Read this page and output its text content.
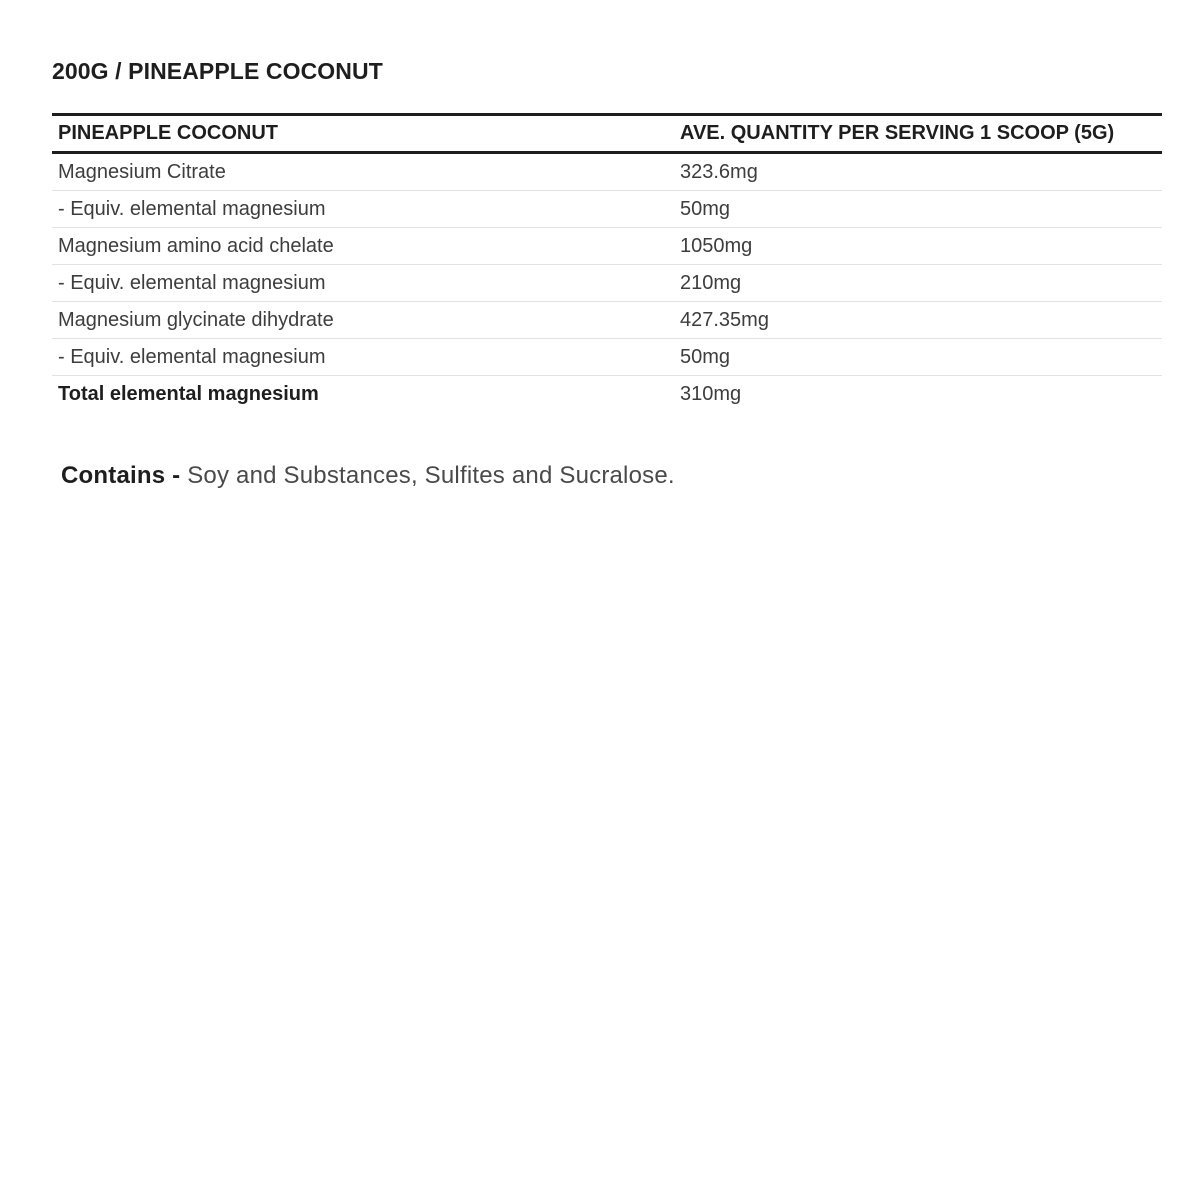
200G / PINEAPPLE COCONUT
PINEAPPLE COCONUT	AVE. QUANTITY PER SERVING 1 SCOOP (5G)
Magnesium Citrate	323.6mg
- Equiv. elemental magnesium	50mg
Magnesium amino acid chelate	1050mg
- Equiv. elemental magnesium	210mg
Magnesium glycinate dihydrate	427.35mg
- Equiv. elemental magnesium	50mg
Total elemental magnesium	310mg

Contains - Soy and Substances, Sulfites and Sucralose.
